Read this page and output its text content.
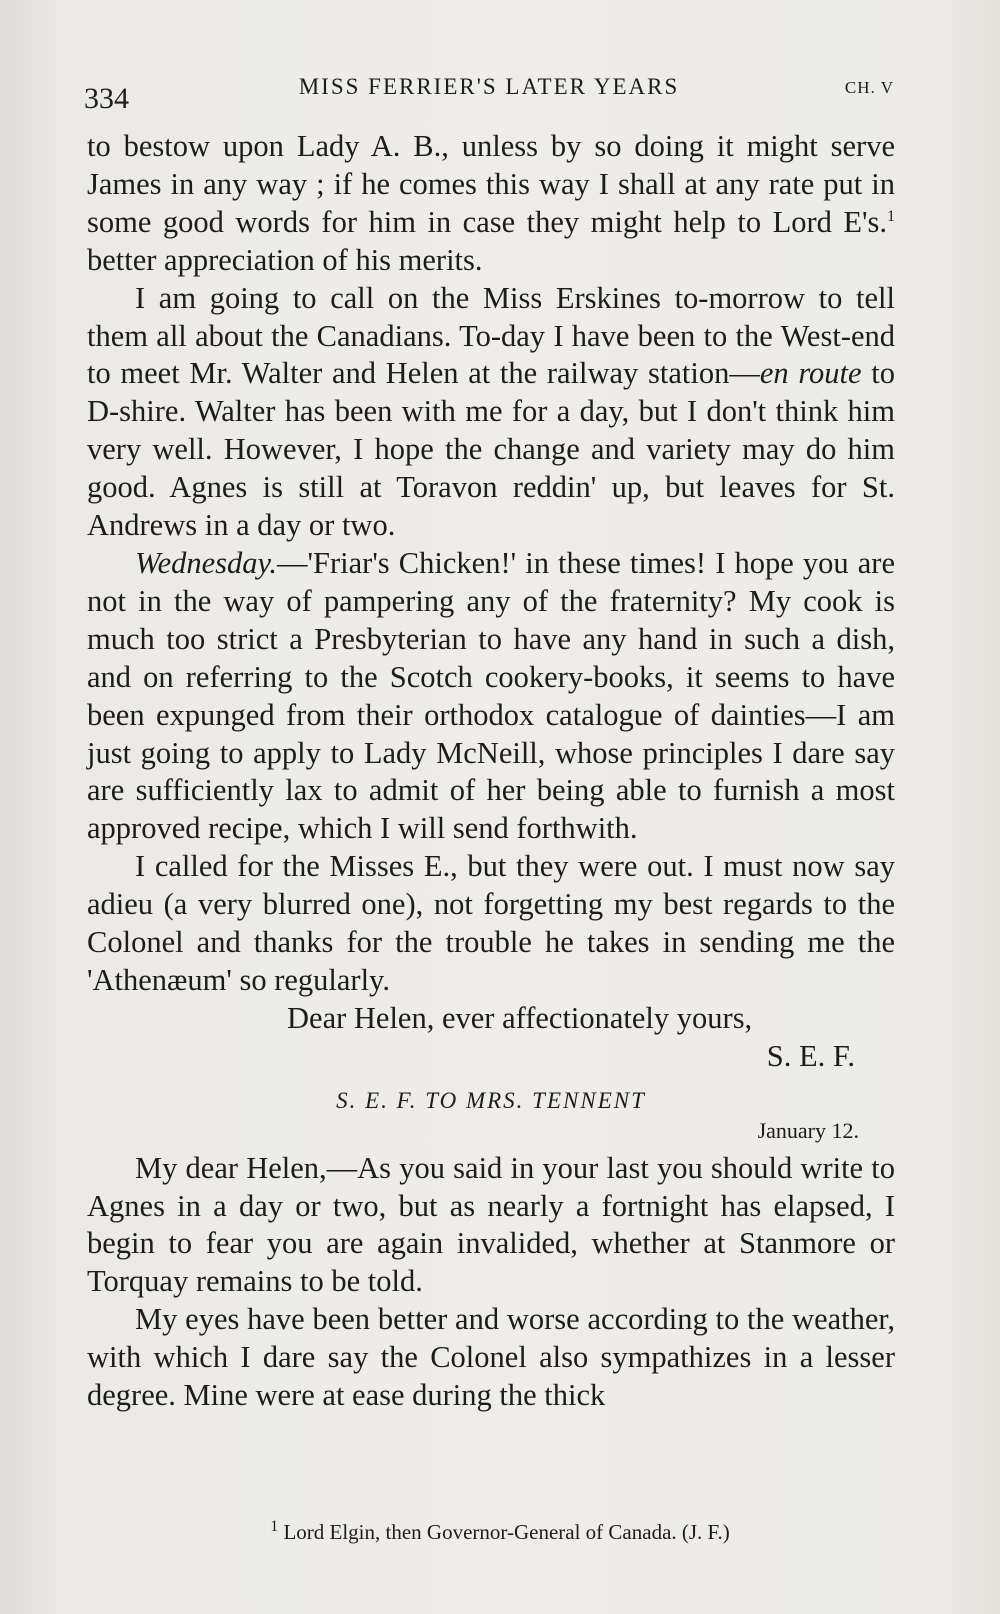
334	MISS FERRIER'S LATER YEARS	CH. V

to bestow upon Lady A. B., unless by so doing it might serve James in any way ; if he comes this way I shall at any rate put in some good words for him in case they might help to Lord E's.$^1$ better appreciation of his merits.

I am going to call on the Miss Erskines to-morrow to tell them all about the Canadians. To-day I have been to the West-end to meet Mr. Walter and Helen at the railway station—en route to D-shire. Walter has been with me for a day, but I don't think him very well. However, I hope the change and variety may do him good. Agnes is still at Toravon reddin' up, but leaves for St. Andrews in a day or two.

Wednesday.—'Friar's Chicken!' in these times! I hope you are not in the way of pampering any of the fraternity? My cook is much too strict a Presbyterian to have any hand in such a dish, and on referring to the Scotch cookery-books, it seems to have been expunged from their orthodox catalogue of dainties—I am just going to apply to Lady McNeill, whose principles I dare say are sufficiently lax to admit of her being able to furnish a most approved recipe, which I will send forthwith.

I called for the Misses E., but they were out. I must now say adieu (a very blurred one), not forgetting my best regards to the Colonel and thanks for the trouble he takes in sending me the 'Athenæum' so regularly.

Dear Helen, ever affectionately yours,
S. E. F.
S. E. F. TO MRS. TENNENT
January 12.

My dear Helen,—As you said in your last you should write to Agnes in a day or two, but as nearly a fortnight has elapsed, I begin to fear you are again invalided, whether at Stanmore or Torquay remains to be told.

My eyes have been better and worse according to the weather, with which I dare say the Colonel also sympathizes in a lesser degree. Mine were at ease during the thick

$^1$ Lord Elgin, then Governor-General of Canada. (J. F.)
